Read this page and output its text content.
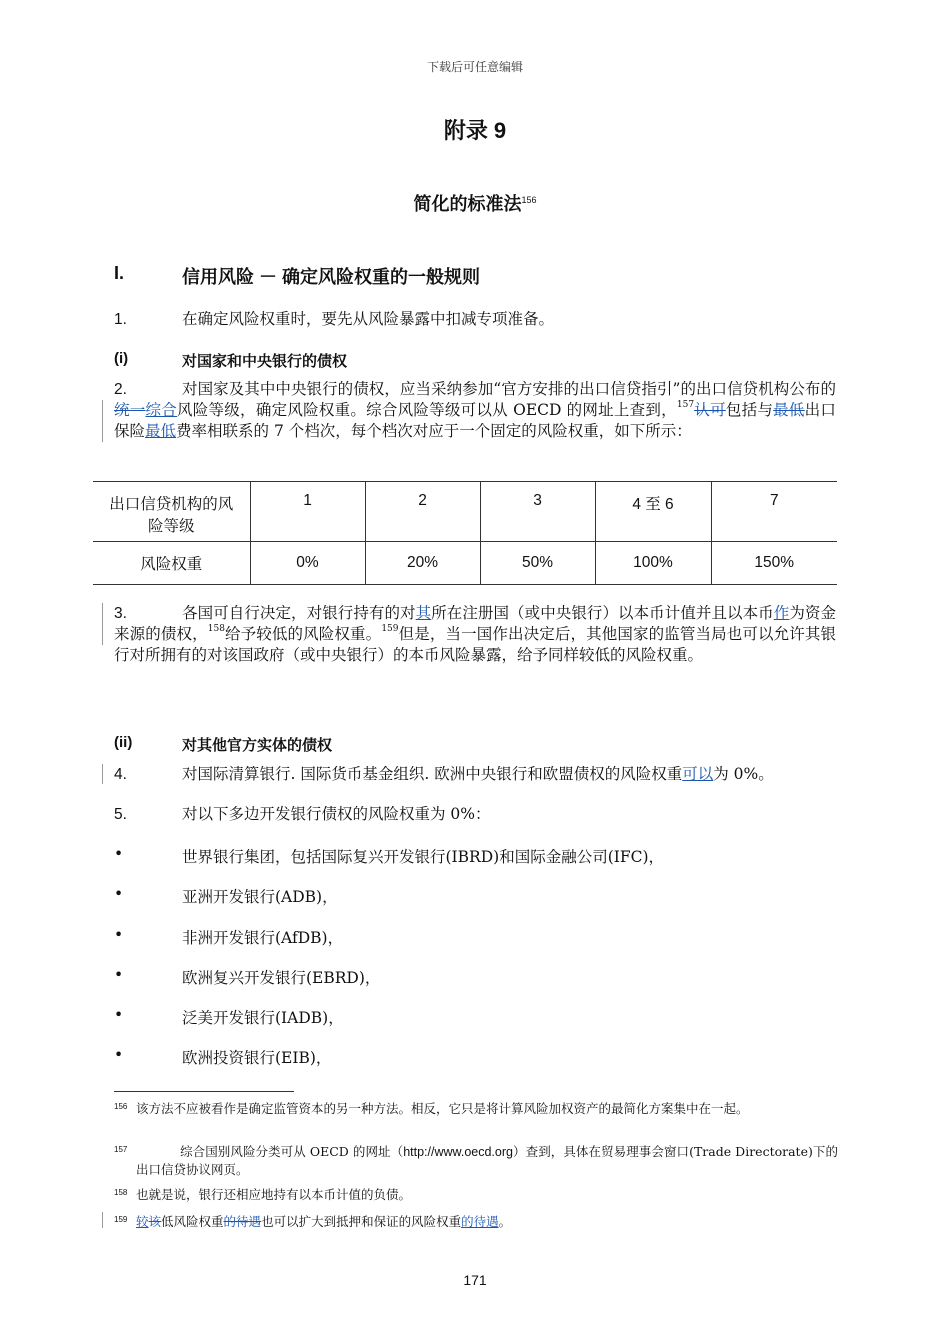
下载后可任意编辑
附录 9
简化的标准法$^{156}$
I.	信用风险 － 确定风险权重的一般规则
1.	在确定风险权重时，要先从风险暴露中扣减专项准备。
(i)	对国家和中央银行的债权
2.	对国家及其中中央银行的债权，应当采纳参加“官方安排的出口信贷指引”的出口信贷机构公布的统一综合风险等级，确定风险权重。综合风险等级可以从 OECD 的网址上查到，$^{157}$认可包括与最低出口保险最低费率相联系的 7 个档次，每个档次对应于一个固定的风险权重，如下所示：
出口信贷机构的风险等级	1	2	3	4 至 6	7
风险权重	0%	20%	50%	100%	150%
3.	各国可自行决定，对银行持有的对其所在注册国（或中央银行）以本币计值并且以本币作为资金来源的债权，$^{158}$给予较低的风险权重。$^{159}$但是，当一国作出决定后，其他国家的监管当局也可以允许其银行对所拥有的对该国政府（或中央银行）的本币风险暴露，给予同样较低的风险权重。
(ii)	对其他官方实体的债权
4.	对国际清算银行. 国际货币基金组织. 欧洲中央银行和欧盟债权的风险权重可以为 0%。
5.	对以下多边开发银行债权的风险权重为 0%：
•	世界银行集团，包括国际复兴开发银行(IBRD)和国际金融公司(IFC)，
•	亚洲开发银行(ADB)，
•	非洲开发银行(AfDB)，
•	欧洲复兴开发银行(EBRD)，
•	泛美开发银行(IADB)，
•	欧洲投资银行(EIB)，
156 该方法不应被看作是确定监管资本的另一种方法。相反，它只是将计算风险加权资产的最简化方案集中在一起。
157	综合国别风险分类可从 OECD 的网址（http://www.oecd.org）查到，具体在贸易理事会窗口(Trade Directorate)下的出口信贷协议网页。
158 也就是说，银行还相应地持有以本币计值的负债。
159 较该低风险权重的待遇也可以扩大到抵押和保证的风险权重的待遇。
171
